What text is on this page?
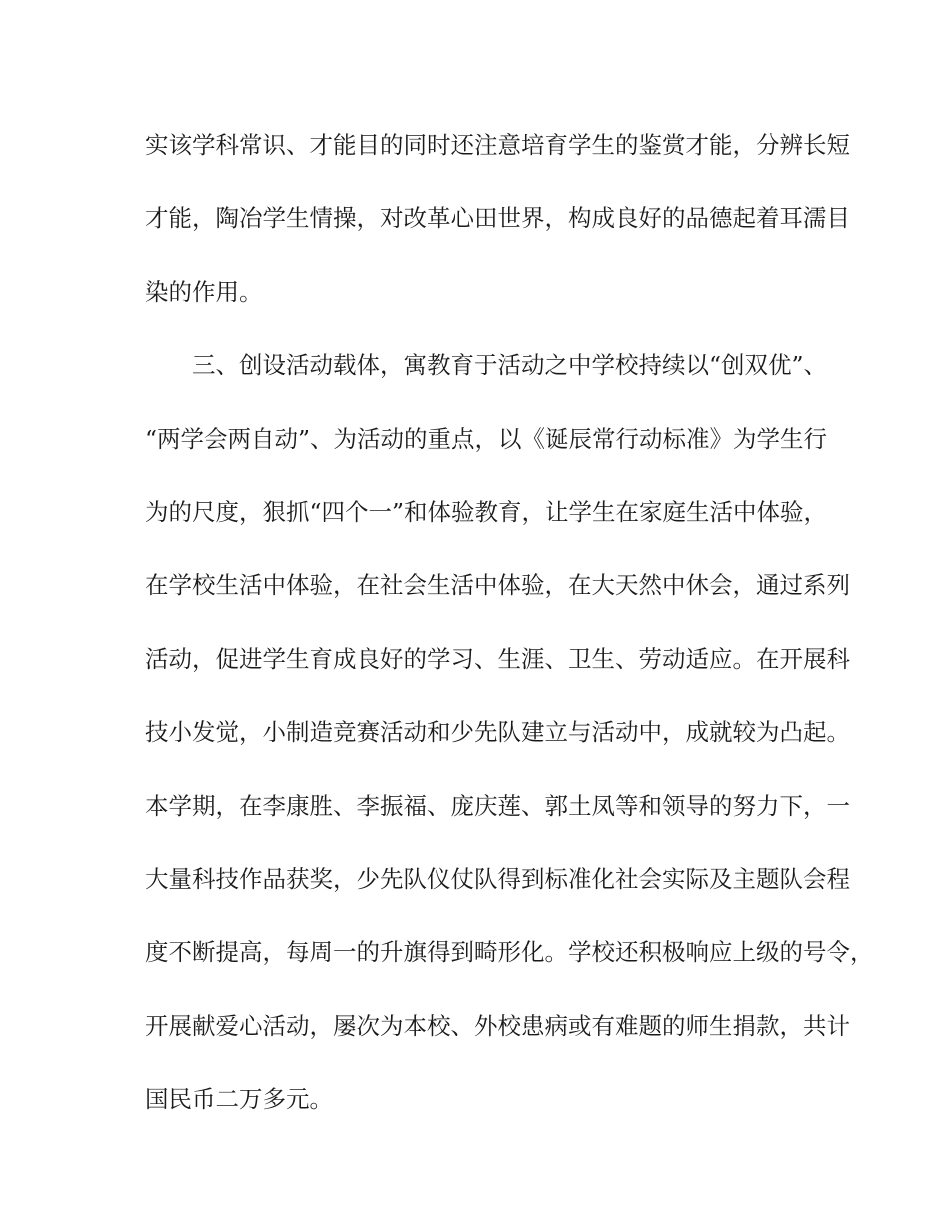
实该学科常识、才能目的同时还注意培育学生的鉴赏才能，分辨长短
才能，陶冶学生情操，对改革心田世界，构成良好的品德起着耳濡目
染的作用。
三、创设活动载体，寓教育于活动之中学校持续以“创双优”、
“两学会两自动”、为活动的重点，以《诞辰常行动标准》为学生行
为的尺度，狠抓“四个一”和体验教育，让学生在家庭生活中体验，
在学校生活中体验，在社会生活中体验，在大天然中休会，通过系列
活动，促进学生育成良好的学习、生涯、卫生、劳动适应。在开展科
技小发觉，小制造竞赛活动和少先队建立与活动中，成就较为凸起。
本学期，在李康胜、李振福、庞庆莲、郭土凤等和领导的努力下，一
大量科技作品获奖，少先队仪仗队得到标准化社会实际及主题队会程
度不断提高，每周一的升旗得到畸形化。学校还积极响应上级的号令，
开展献爱心活动，屡次为本校、外校患病或有难题的师生捐款，共计
国民币二万多元。
